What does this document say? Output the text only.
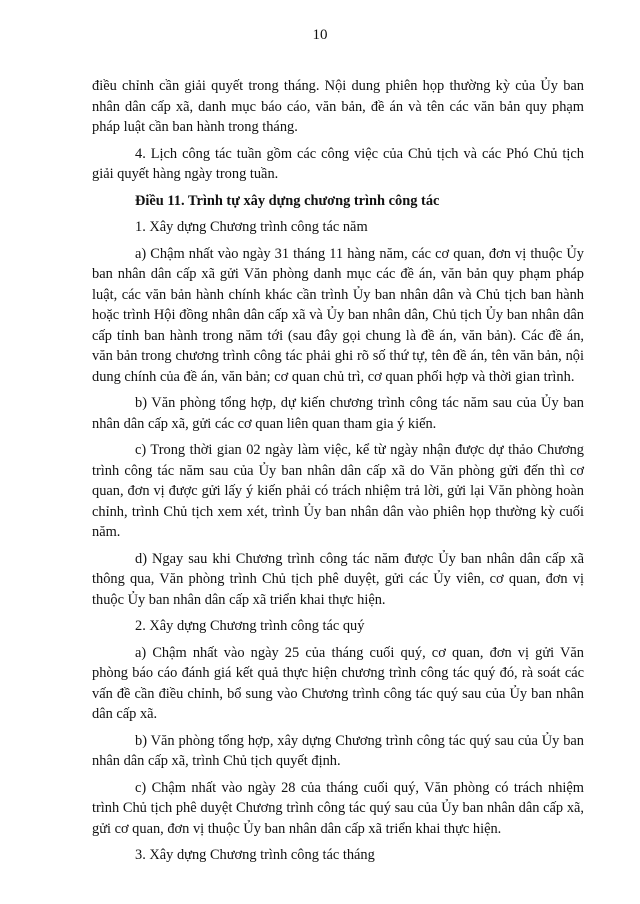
10

điều chỉnh cần giải quyết trong tháng. Nội dung phiên họp thường kỳ của Ủy ban nhân dân cấp xã, danh mục báo cáo, văn bản, đề án và tên các văn bản quy phạm pháp luật cần ban hành trong tháng.

4. Lịch công tác tuần gồm các công việc của Chủ tịch và các Phó Chủ tịch giải quyết hàng ngày trong tuần.

Điều 11. Trình tự xây dựng chương trình công tác

1. Xây dựng Chương trình công tác năm

a) Chậm nhất vào ngày 31 tháng 11 hàng năm, các cơ quan, đơn vị thuộc Ủy ban nhân dân cấp xã gửi Văn phòng danh mục các đề án, văn bản quy phạm pháp luật, các văn bản hành chính khác cần trình Ủy ban nhân dân và Chủ tịch ban hành hoặc trình Hội đồng nhân dân cấp xã và Ủy ban nhân dân, Chủ tịch Ủy ban nhân dân cấp tỉnh ban hành trong năm tới (sau đây gọi chung là đề án, văn bản). Các đề án, văn bản trong chương trình công tác phải ghi rõ số thứ tự, tên đề án, tên văn bản, nội dung chính của đề án, văn bản; cơ quan chủ trì, cơ quan phối hợp và thời gian trình.

b) Văn phòng tổng hợp, dự kiến chương trình công tác năm sau của Ủy ban nhân dân cấp xã, gửi các cơ quan liên quan tham gia ý kiến.

c) Trong thời gian 02 ngày làm việc, kể từ ngày nhận được dự thảo Chương trình công tác năm sau của Ủy ban nhân dân cấp xã do Văn phòng gửi đến thì cơ quan, đơn vị được gửi lấy ý kiến phải có trách nhiệm trả lời, gửi lại Văn phòng hoàn chỉnh, trình Chủ tịch xem xét, trình Ủy ban nhân dân vào phiên họp thường kỳ cuối năm.

d) Ngay sau khi Chương trình công tác năm được Ủy ban nhân dân cấp xã thông qua, Văn phòng trình Chủ tịch phê duyệt, gửi các Ủy viên, cơ quan, đơn vị thuộc Ủy ban nhân dân cấp xã triển khai thực hiện.

2. Xây dựng Chương trình công tác quý

a) Chậm nhất vào ngày 25 của tháng cuối quý, cơ quan, đơn vị gửi Văn phòng báo cáo đánh giá kết quả thực hiện chương trình công tác quý đó, rà soát các vấn đề cần điều chỉnh, bổ sung vào Chương trình công tác quý sau của Ủy ban nhân dân cấp xã.

b) Văn phòng tổng hợp, xây dựng Chương trình công tác quý sau của Ủy ban nhân dân cấp xã, trình Chủ tịch quyết định.

c) Chậm nhất vào ngày 28 của tháng cuối quý, Văn phòng có trách nhiệm trình Chủ tịch phê duyệt Chương trình công tác quý sau của Ủy ban nhân dân cấp xã, gửi cơ quan, đơn vị thuộc Ủy ban nhân dân cấp xã triển khai thực hiện.

3. Xây dựng Chương trình công tác tháng
